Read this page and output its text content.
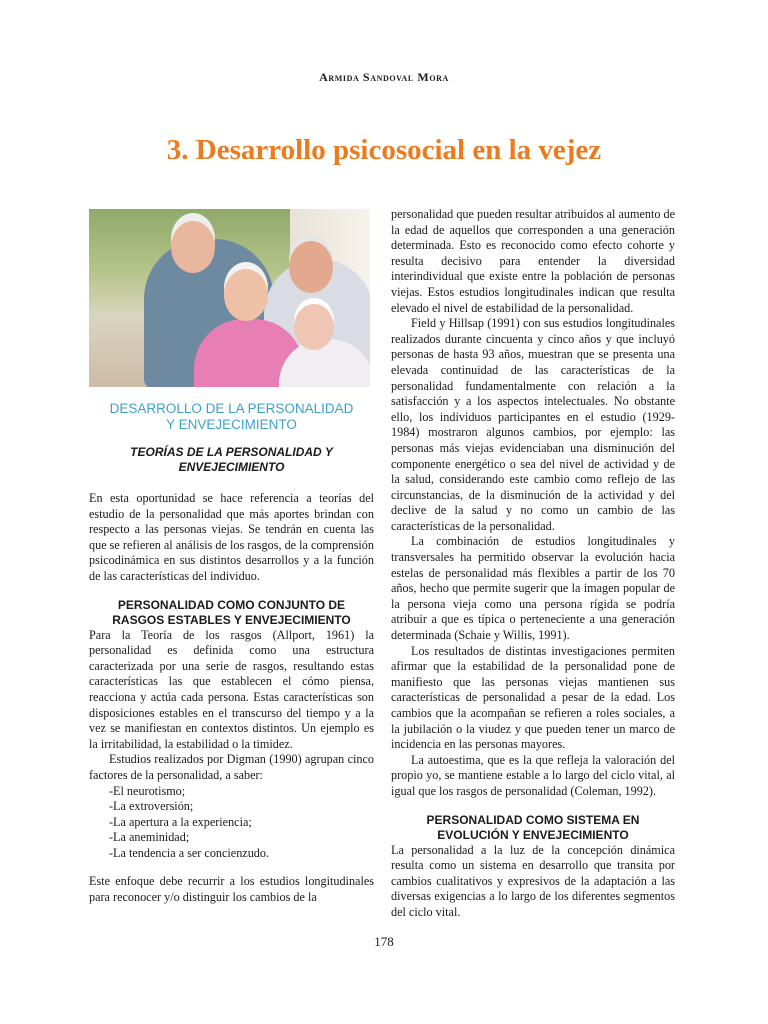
Armida Sandoval Mora
3. Desarrollo psicosocial en la vejez
DESARROLLO DE LA PERSONALIDAD
Y ENVEJECIMIENTO
TEORÍAS DE LA PERSONALIDAD Y
ENVEJECIMIENTO

En esta oportunidad se hace referencia a teorías del estudio de la personalidad que más aportes brindan con respecto a las personas viejas. Se tendrán en cuenta las que se refieren al análisis de los rasgos, de la comprensión psicodinámica en sus distintos desarrollos y a la función de las características del individuo.

PERSONALIDAD COMO CONJUNTO DE
RASGOS ESTABLES Y ENVEJECIMIENTO

Para la Teoría de los rasgos (Allport, 1961) la personalidad es definida como una estructura caracterizada por una serie de rasgos, resultando estas características las que establecen el cómo piensa, reacciona y actúa cada persona. Estas características son disposiciones estables en el transcurso del tiempo y a la vez se manifiestan en contextos distintos. Un ejemplo es la irritabilidad, la estabilidad o la timidez.

Estudios realizados por Digman (1990) agrupan cinco factores de la personalidad, a saber:

-El neurotismo;
-La extroversión;
-La apertura a la experiencia;
-La aneminidad;
-La tendencia a ser concienzudo.

Este enfoque debe recurrir a los estudios longitudinales para reconocer y/o distinguir los cambios de la

personalidad que pueden resultar atribuidos al aumento de la edad de aquellos que corresponden a una generación determinada. Esto es reconocido como efecto cohorte y resulta decisivo para entender la diversidad interindividual que existe entre la población de personas viejas. Estos estudios longitudinales indican que resulta elevado el nivel de estabilidad de la personalidad.

Field y Hillsap (1991) con sus estudios longitudinales realizados durante cincuenta y cinco años y que incluyó personas de hasta 93 años, muestran que se presenta una elevada continuidad de las características de la personalidad fundamentalmente con relación a la satisfacción y a los aspectos intelectuales. No obstante ello, los individuos participantes en el estudio (1929-1984) mostraron algunos cambios, por ejemplo: las personas más viejas evidenciaban una disminución del componente energético o sea del nivel de actividad y de la salud, considerando este cambio como reflejo de las circunstancias, de la disminución de la actividad y del declive de la salud y no como un cambio de las características de la personalidad.

La combinación de estudios longitudinales y transversales ha permitido observar la evolución hacia estelas de personalidad más flexibles a partir de los 70 años, hecho que permite sugerir que la imagen popular de la persona vieja como una persona rígida se podría atribuir a que es típica o perteneciente a una generación determinada (Schaie y Willis, 1991).

Los resultados de distintas investigaciones permiten afirmar que la estabilidad de la personalidad pone de manifiesto que las personas viejas mantienen sus características de personalidad a pesar de la edad. Los cambios que la acompañan se refieren a roles sociales, a la jubilación o la viudez y que pueden tener un marco de incidencia en las personas mayores.

La autoestima, que es la que refleja la valoración del propio yo, se mantiene estable a lo largo del ciclo vital, al igual que los rasgos de personalidad (Coleman, 1992).

PERSONALIDAD COMO SISTEMA EN
EVOLUCIÓN Y ENVEJECIMIENTO

La personalidad a la luz de la concepción dinámica resulta como un sistema en desarrollo que transita por cambios cualitativos y expresivos de la adaptación a las diversas exigencias a lo largo de los diferentes segmentos del ciclo vital.

178
